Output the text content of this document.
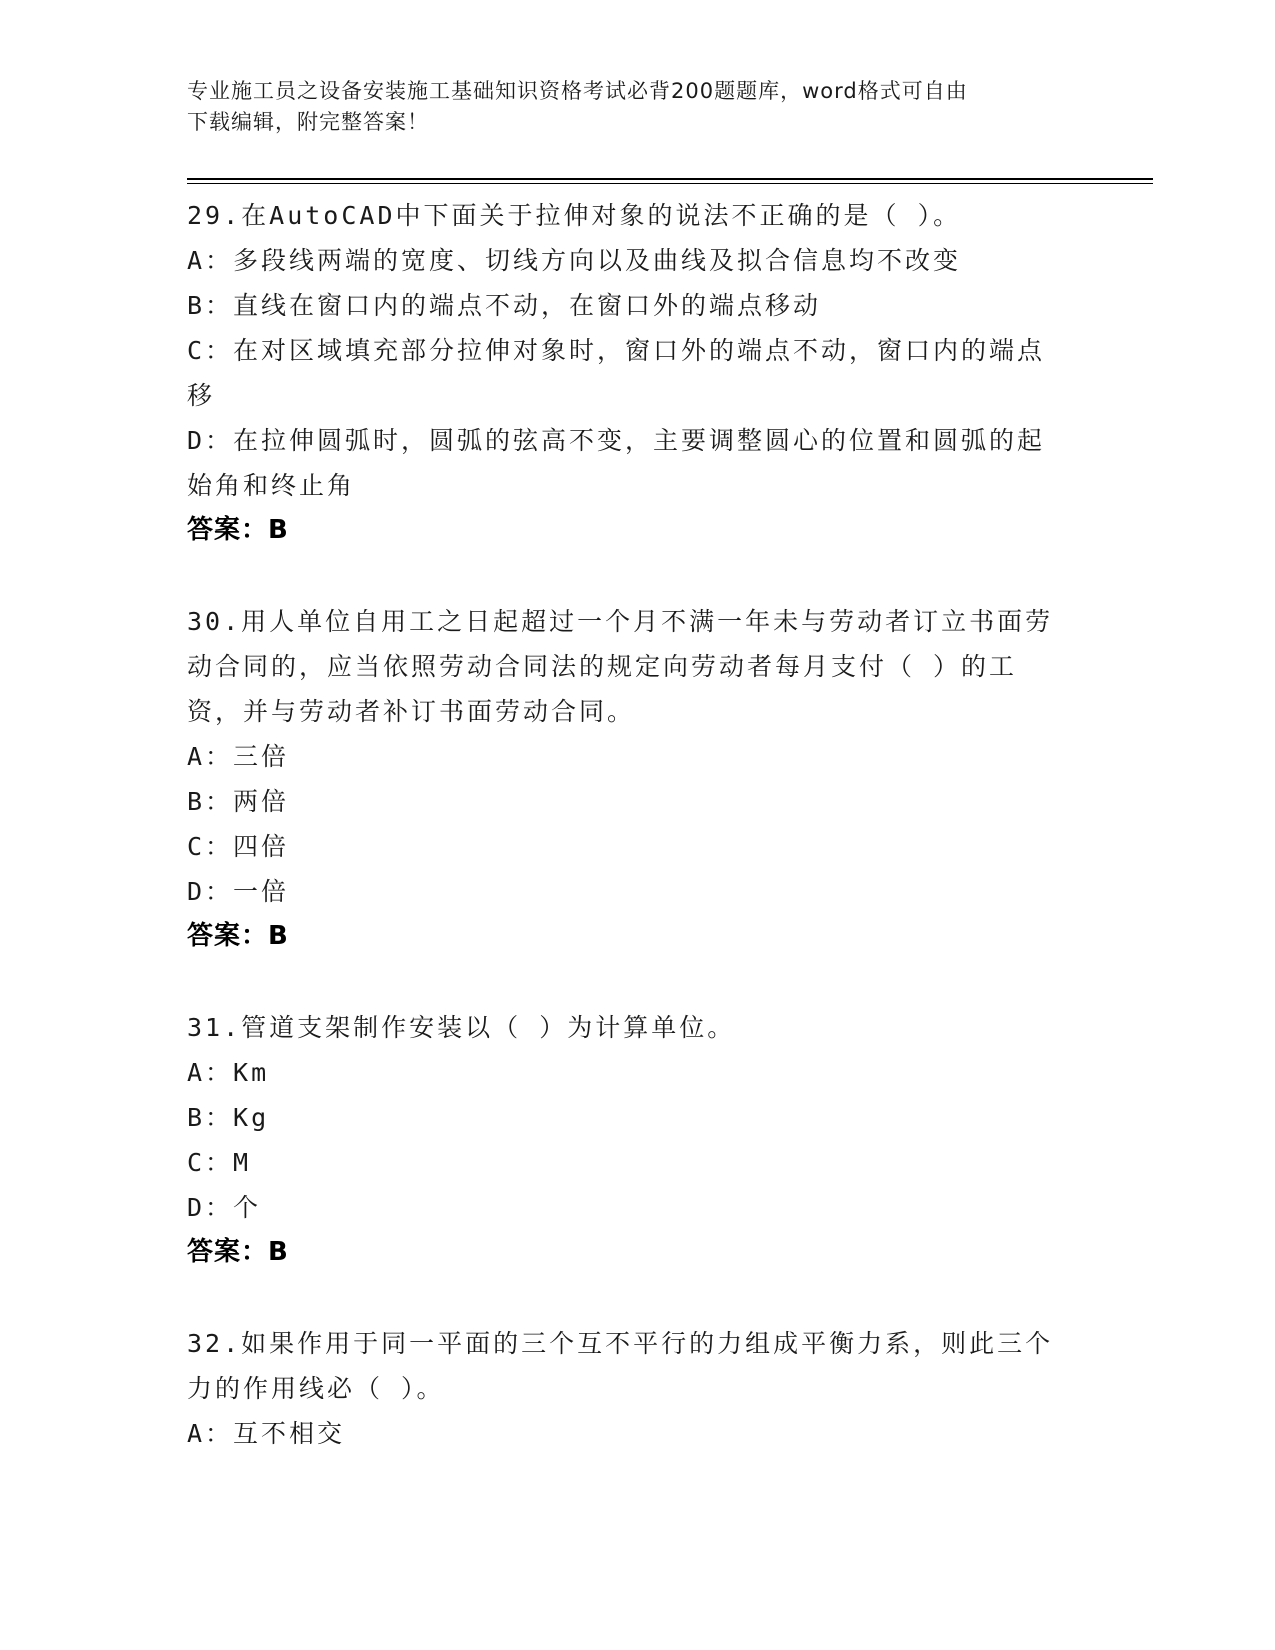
专业施工员之设备安装施工基础知识资格考试必背200题题库，word格式可自由
下载编辑，附完整答案！
29.在AutoCAD中下面关于拉伸对象的说法不正确的是（ ）。
A：多段线两端的宽度、切线方向以及曲线及拟合信息均不改变
B：直线在窗口内的端点不动，在窗口外的端点移动
C：在对区域填充部分拉伸对象时，窗口外的端点不动，窗口内的端点移
D：在拉伸圆弧时，圆弧的弦高不变，主要调整圆心的位置和圆弧的起始角和终止角
答案：B
30.用人单位自用工之日起超过一个月不满一年未与劳动者订立书面劳动合同的，应当依照劳动合同法的规定向劳动者每月支付（ ）的工资，并与劳动者补订书面劳动合同。
A：三倍
B：两倍
C：四倍
D：一倍
答案：B
31.管道支架制作安装以（ ）为计算单位。
A：Km
B：Kg
C：M
D：个
答案：B
32.如果作用于同一平面的三个互不平行的力组成平衡力系，则此三个力的作用线必（ ）。
A：互不相交
